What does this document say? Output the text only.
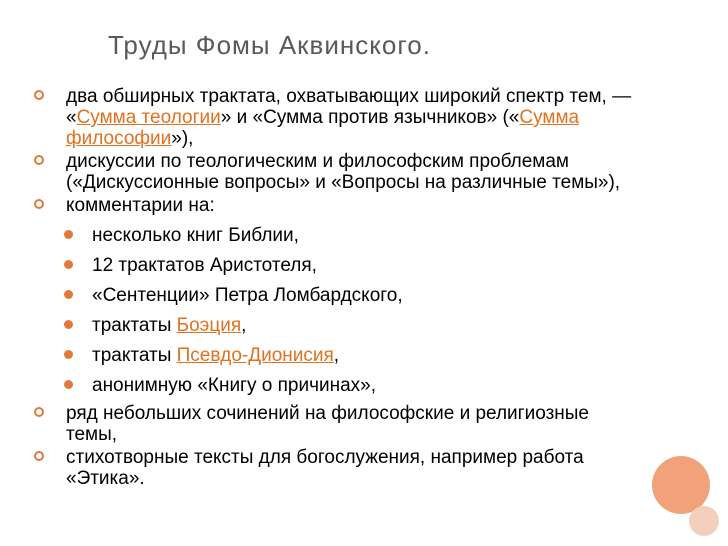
Труды Фомы Аквинского.
два обширных трактата, охватывающих широкий спектр тем, — «Сумма теологии» и «Сумма против язычников» («Сумма философии»),
дискуссии по теологическим и философским проблемам («Дискуссионные вопросы» и «Вопросы на различные темы»),
комментарии на:
несколько книг Библии,
12 трактатов Аристотеля,
«Сентенции» Петра Ломбардского,
трактаты Боэция,
трактаты Псевдо-Дионисия,
анонимную «Книгу о причинах»,
ряд небольших сочинений на философские и религиозные темы,
стихотворные тексты для богослужения, например работа «Этика».
